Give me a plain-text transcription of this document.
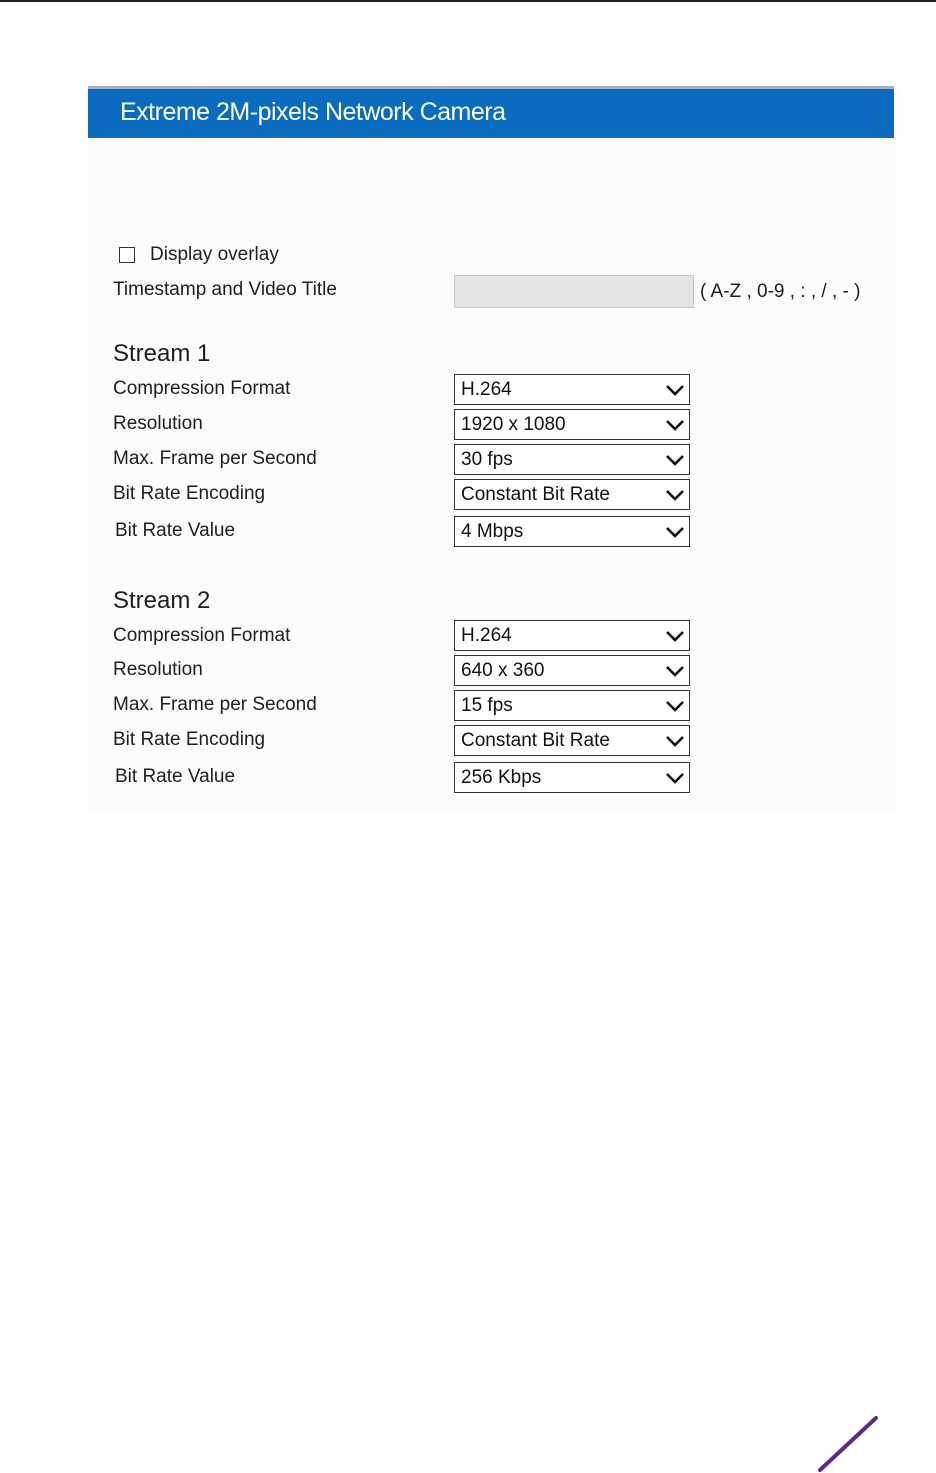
Extreme 2M-pixels Network Camera
Display overlay
Timestamp and Video Title	( A-Z , 0-9 , : , / , - )
Stream 1
Compression Format	H.264
Resolution	1920 x 1080
Max. Frame per Second	30 fps
Bit Rate Encoding	Constant Bit Rate
Bit Rate Value	4 Mbps
Stream 2
Compression Format	H.264
Resolution	640 x 360
Max. Frame per Second	15 fps
Bit Rate Encoding	Constant Bit Rate
Bit Rate Value	256 Kbps
